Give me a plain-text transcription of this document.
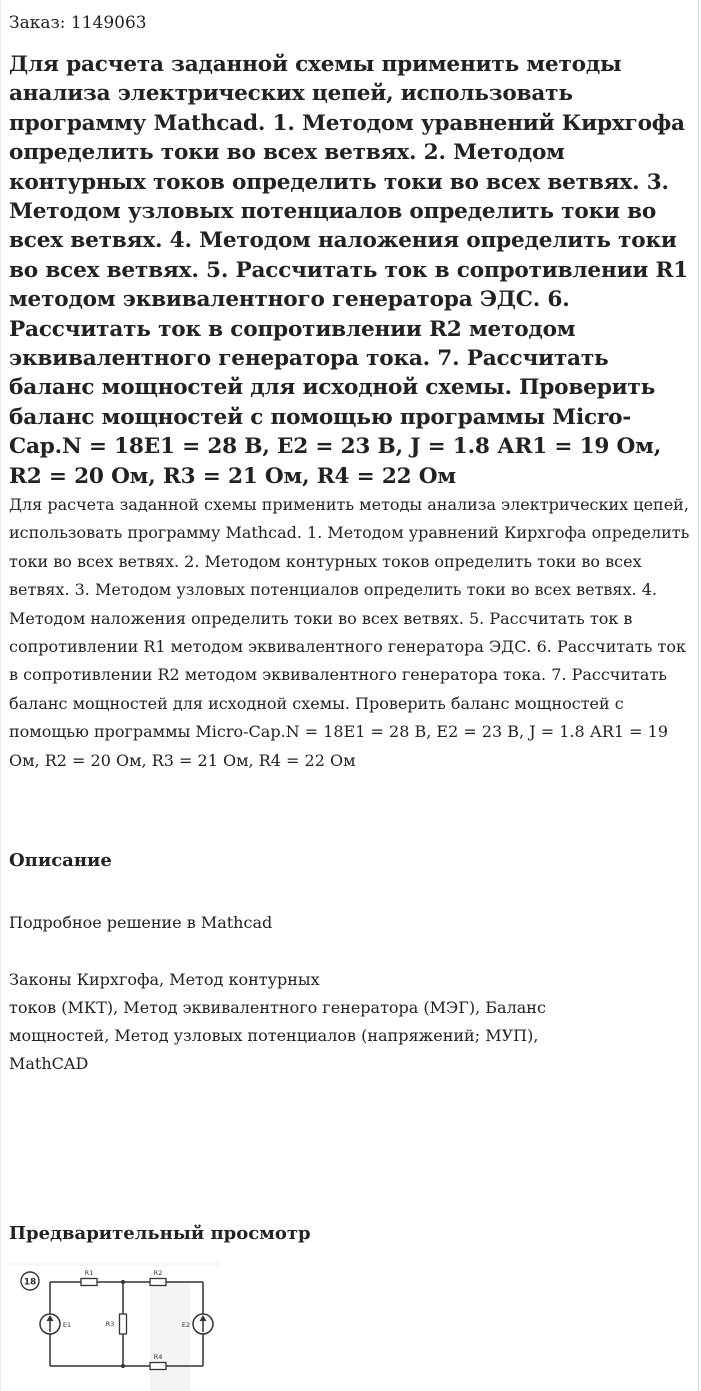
Заказ: 1149063
Для расчета заданной схемы применить методы анализа электрических цепей, использовать программу Mathcad. 1. Методом уравнений Кирхгофа определить токи во всех ветвях. 2. Методом контурных токов определить токи во всех ветвях. 3. Методом узловых потенциалов определить токи во всех ветвях. 4. Методом наложения определить токи во всех ветвях. 5. Рассчитать ток в сопротивлении R1 методом эквивалентного генератора ЭДС. 6. Рассчитать ток в сопротивлении R2 методом эквивалентного генератора тока. 7. Рассчитать баланс мощностей для исходной схемы. Проверить баланс мощностей с помощью программы Micro-Cap.N = 18E1 = 28 В, E2 = 23 В, J = 1.8 АR1 = 19 Ом, R2 = 20 Ом, R3 = 21 Ом, R4 = 22 Ом
Для расчета заданной схемы применить методы анализа электрических цепей, использовать программу Mathcad. 1. Методом уравнений Кирхгофа определить токи во всех ветвях. 2. Методом контурных токов определить токи во всех ветвях. 3. Методом узловых потенциалов определить токи во всех ветвях. 4. Методом наложения определить токи во всех ветвях. 5. Рассчитать ток в сопротивлении R1 методом эквивалентного генератора ЭДС. 6. Рассчитать ток в сопротивлении R2 методом эквивалентного генератора тока. 7. Рассчитать баланс мощностей для исходной схемы. Проверить баланс мощностей с помощью программы Micro-Cap.N = 18E1 = 28 В, E2 = 23 В, J = 1.8 АR1 = 19 Ом, R2 = 20 Ом, R3 = 21 Ом, R4 = 22 Ом
Описание
Подробное решение в Mathcad
Законы Кирхгофа, Метод контурных
токов (МКТ), Метод эквивалентного генератора (МЭГ), Баланс
мощностей, Метод узловых потенциалов (напряжений; МУП),
MathCAD
Предварительный просмотр
18
R1	R2
R3
R4
E1	E2
